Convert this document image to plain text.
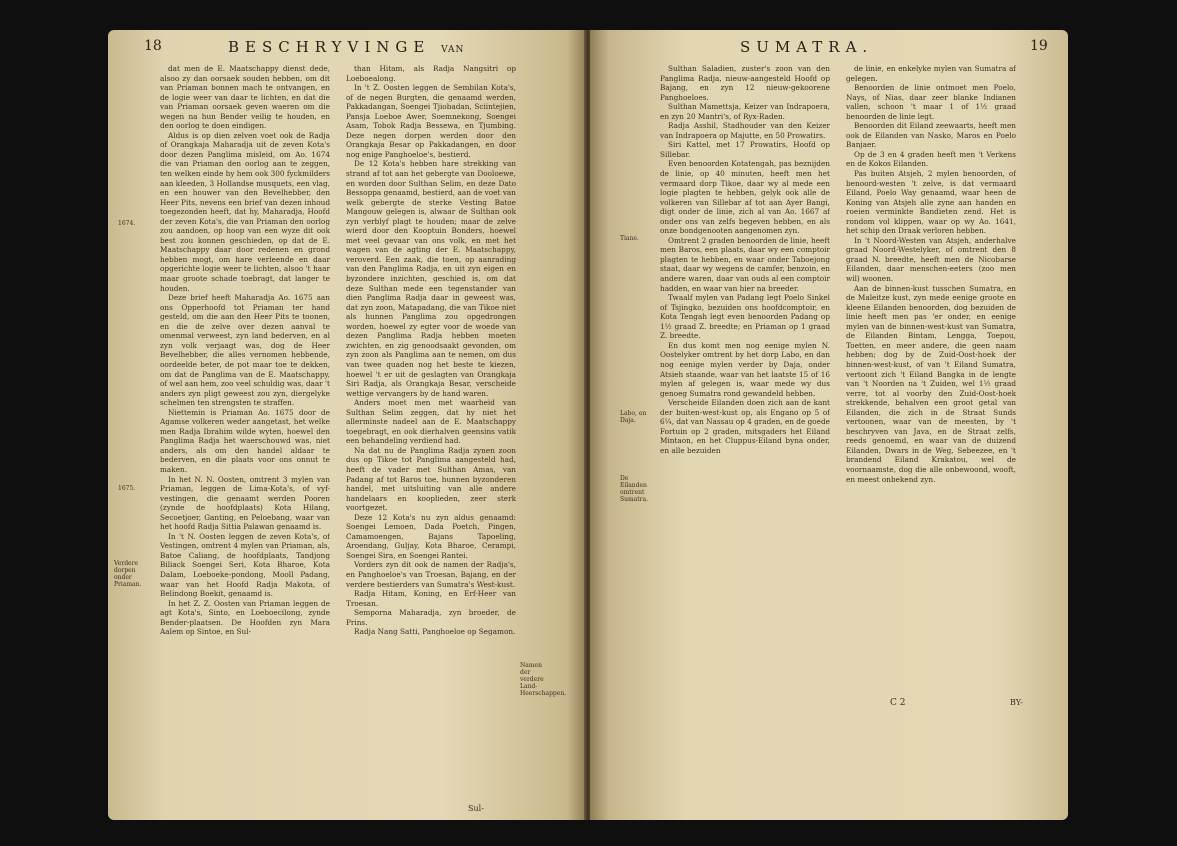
18	BESCHRYVINGE VAN
1674.
1675.
Verdere dorpen onder Priaman.

dat men de E. Maatschappy dienst dede, alsoo zy dan oorsaek souden hebben, om dit van Priaman bonnen mach te ontvangen, en de logie weer van daar te lichten, en dat die van Priaman oorsaek geven waeren om die wegen na hun Bender veilig te houden, en den oorlog te doen eindigen.

Aldus is op dien zelven voet ook de Radja of Orangkaja Maharadja uit de zeven Kota's door dezen Panglima misleid, om Ao. 1674 die van Priaman den oorlog aan te zeggen, ten welken einde hy hem ook 300 fyckmilders aan kleeden, 3 Hollandse musquets, een vlag, en een houwer van den Bevelhebber, den Heer Pits, nevens een brief van dezen inhoud toegezonden heeft, dat hy, Maharadja, Hoofd der zeven Kota's, die van Priaman den oorlog zou aandoen, op hoop van een wyze dit ook best zou konnen geschieden, op dat de E. Maatschappy daar door redenen en grond hebben mogt, om hare verleende en daar opgerichte logie weer te lichten, alsoo 't haar maar groote schade toebragt, dat langer te houden.

Deze brief heeft Maharadja Ao. 1675 aan ons Opperhoofd tot Priaman ter hand gesteld, om die aan den Heer Pits te toonen, en die de zelve over dezen aanval te omenmal verweest, zyn land bederven, en al zyn volk verjaagt was, dog de Heer Bevelhebber, die alles vernomen hebbende, oordeelde beter, de pot maar toe te dekken, om dat de Panglima van de E. Maatschappy, of wel aan hem, zoo veel schuldig was, daar 't anders zyn pligt geweest zou zyn, diergelyke schelmen ten strengsten te straffen.

Niettemin is Priaman Ao. 1675 door de Agamse volkeren weder aangetast, het welke men Radja Ibrahim wilde wyten, hoewel den Panglima Radja het waerschouwd was, niet anders, als om den handel aldaar te bederven, en die plaats voor ons onnut te maken.

In het N. N. Oosten, omtrent 3 mylen van Priaman, leggen de Lima-Kota's, of vyf-vestingen, die genaamt werden Pooren (zynde de hoofdplaats) Kota Hilang, Secoetjoer, Ganting, en Peloebang, waar van het hoofd Radja Sittia Palawan genaamd is.

In 't N. Oosten leggen de zeven Kota's, of Vestingen, omtrent 4 mylen van Priaman, als, Batoe Caliang, de hoofdplaats, Tandjong Biliack Soengei Seri, Kota Bharoe, Kota Dalam, Loeboeke-pondong, Mooll Padang, waar van het Hoofd Radja Makota, of Belindong Boekit, genaamd is.

In het Z. Z. Oosten van Priaman leggen de agt Kota's, Sinto, en Loeboecilong, zynde Bender-plaatsen. De Hoofden zyn Mara Aalem op Sintoe, en Sul-

than Hitam, als Radja Nangsitri op Loeboealong.

In 't Z. Oosten leggen de Sembilan Kota's, of de negen Burgten, die genaamd werden, Pakkadangan, Soengei Tjiobadan, Sciintejien, Pansja Loeboe Awer, Soemnekong, Soengei Asam, Tobok Radja Bessewa, en Tjumbing. Deze negen dorpen werden door den Orangkaja Besar op Pakkadangen, en door nog enige Panghoeloe's, bestierd.

De 12 Kota's hebben hare strekking van strand af tot aan het gebergte van Dooloewe, en worden door Sulthan Selim, en deze Dato Bessoppa genaamd, bestierd, aan de voet van welk gebergte de sterke Vesting Batoe Mangouw gelegen is, alwaar de Sulthan ook zyn verblyf plagt te houden; maar de zelve wierd door den Kooptuin Bonders, hoewel met veel gevaar van ons volk, en met het wagen van de agting der E. Maatschappy, veroverd. Een zaak, die toen, op aanrading van den Panglima Radja, en uit zyn eigen en byzondere inzichten, geschied is, om dat deze Sulthan mede een tegenstander van dien Panglima Radja daar in geweest was, dat zyn zoon, Matapadang, die van Tikoe niet als hunnen Panglima zou opgedrongen worden, hoewel zy egter voor de woede van dezen Panglima Radja hebben moeten zwichten, en zig genoodsaakt gevonden, om zyn zoon als Panglima aan te nemen, om dus van twee quaden nog het beste te kiezen, hoewel 't er uit de geslagten van Orangkaja Siri Radja, als Orangkaja Besar, verscheide wettige vervangers by de hand waren.

Anders moet men met waarheid van Sulthan Selim zeggen, dat hy niet het allerminste nadeel aan de E. Maatschappy toegebragt, en ook dierhalven geensins vatik een behandeling verdiend had.

Na dat nu de Panglima Radja zynen zoon dus op Tikoe tot Panglima aangesteld had, heeft de vader met Sulthan Amas, van Padang af tot Baros toe, hunnen byzonderen handel, met uitsluiting van alle andere handelaars en kooplieden, zeer sterk voortgezet.

Deze 12 Kota's nu zyn aldus genaamd: Soengei Lemoen, Dada Poetch, Pingen, Camamoengen, Bajans Tapoeling, Aroendang, Guljay, Kota Bharoe, Cerampi, Soengei Sira, en Soengei Rantei.

Vorders zyn dit ook de namen der Radja's, en Panghoeloe's van Troesan, Bajang, en der verdere bestierders van Sumatra's West-kust.

Radja Hitam, Koning, en Erf-Heer van Troesan.

Semporna Maharadja, zyn broeder, de Prins.

Radja Nang Satti, Panghoeloe op Segamon.

Namen der verdere Land-Heerschappen.
Sul-
SUMATRA.	19
Tiane.
Labo, en Daja.
De Eilanden omtrent Sumatra.

Sulthan Saladien, zuster's zoon van den Panglima Radja, nieuw-aangesteld Hoofd op Bajang, en zyn 12 nieuw-gekoorene Panghoeloes.

Sulthan Mamettsja, Keizer van Indrapoera, en zyn 20 Mantri's, of Ryx-Raden.

Radja Asshil, Stadhouder van den Keizer van Indrapoera op Majutte, en 50 Prowatirs.

Siri Kattel, met 17 Prowatirs, Hoofd op Sillebar.

Even benoorden Kotatengah, pas beznijden de linie, op 40 minuten, heeft men het vermaard dorp Tikoe, daar wy al mede een logie plagten te hebben, gelyk ook alle de volkeren van Sillebar af tot aan Ayer Bangi, digt onder de linie, zich al van Ao. 1667 af onder ons van zelfs begeven hebben, en als onze bondgenooten aangenomen zyn.

Omtrent 2 graden benoorden de linie, heeft men Baros, een plaats, daar wy een comptoir plagten te hebben, en waar onder Taboejong staat, daar wy wegens de camfer, benzoin, en andere waren, daar van ouds al een comptoir hadden, en waar van hier na breeder.

Twaalf mylen van Padang legt Poelo Sinkel of Tsjingko, bezuiden ons hoofdcomptoir, en Kota Tengah legt even benoorden Padang op 1½ graad Z. breedte; en Priaman op 1 graad Z. breedte.

En dus komt men nog eenige mylen N. Oostelyker omtrent by het dorp Labo, en dan nog eenige mylen verder by Daja, onder Atsieh staande, waar van het laatste 15 of 16 mylen af gelegen is, waar mede wy dus genoeg Sumatra rond gewandeld hebben.

Verscheide Eilanden doen zich aan de kant der buiten-west-kust op, als Engano op 5 of 6¼, dat van Nassau op 4 graden, en de goede Fortuin op 2 graden, mitsgaders het Eiland Mintaon, en het Cluppus-Eiland byna onder, en alle bezuiden

de linie, en enkelyke mylen van Sumatra af gelegen.

Benoorden de linie ontmoet men Poelo, Nays, of Nias, daar zeer blanke Indianen vallen, schoon 't maar 1 of 1½ graad benoorden de linie legt.

Benoorden dit Eiland zeewaarts, heeft men ook de Eilanden van Nasko, Maros en Poelo Banjaer.

Op de 3 en 4 graden heeft men 't Verkens en de Kokos Eilanden.

Pas buiten Atsjeh, 2 mylen benoorden, of benoord-westen 't zelve, is dat vermaard Eiland, Poelo Way genaamd, waar heen de Koning van Atsjeh alle zyne aan handen en roeien verminkte Bandieten zend. Het is rondom vol klippen, waar op wy Ao. 1641, het schip den Draak verloren hebben.

In 't Noord-Westen van Atsjeh, anderhalve graad Noord-Westelyker, of omtrent den 8 graad N. breedte, heeft men de Nicobarse Eilanden, daar menschen-eeters (zoo men wil) woonen.

Aan de binnen-kust tusschen Sumatra, en de Maleitze kust, zyn mede eenige groote en kleene Eilanden benoorden, dog bezuiden de linie heeft men pas 'er onder, en eenige mylen van de binnen-west-kust van Sumatra, de Eilanden Bintam, Lengga, Toepou, Toetten, en meer andere, die geen naam hebben; dog by de Zuid-Oost-hoek der binnen-west-kust, of van 't Eiland Sumatra, vertoont zich 't Eiland Bangka in de lengte van 't Noorden na 't Zuiden, wel 1½ graad verre, tot al voorby den Zuid-Oost-hoek strekkende, behalven een groot getal van Eilanden, die zich in de Straat Sunds vertoonen, waar van de meesten, by 't beschryven van Java, en de Straat zelfs, reeds genoemd, en waar van de duizend Eilanden, Dwars in de Weg, Sebeezee, en 't brandend Eiland Krakatou, wel de voornaamste, dog die alle onbewoond, wooft, en meest onbekend zyn.

C 2	BY-
